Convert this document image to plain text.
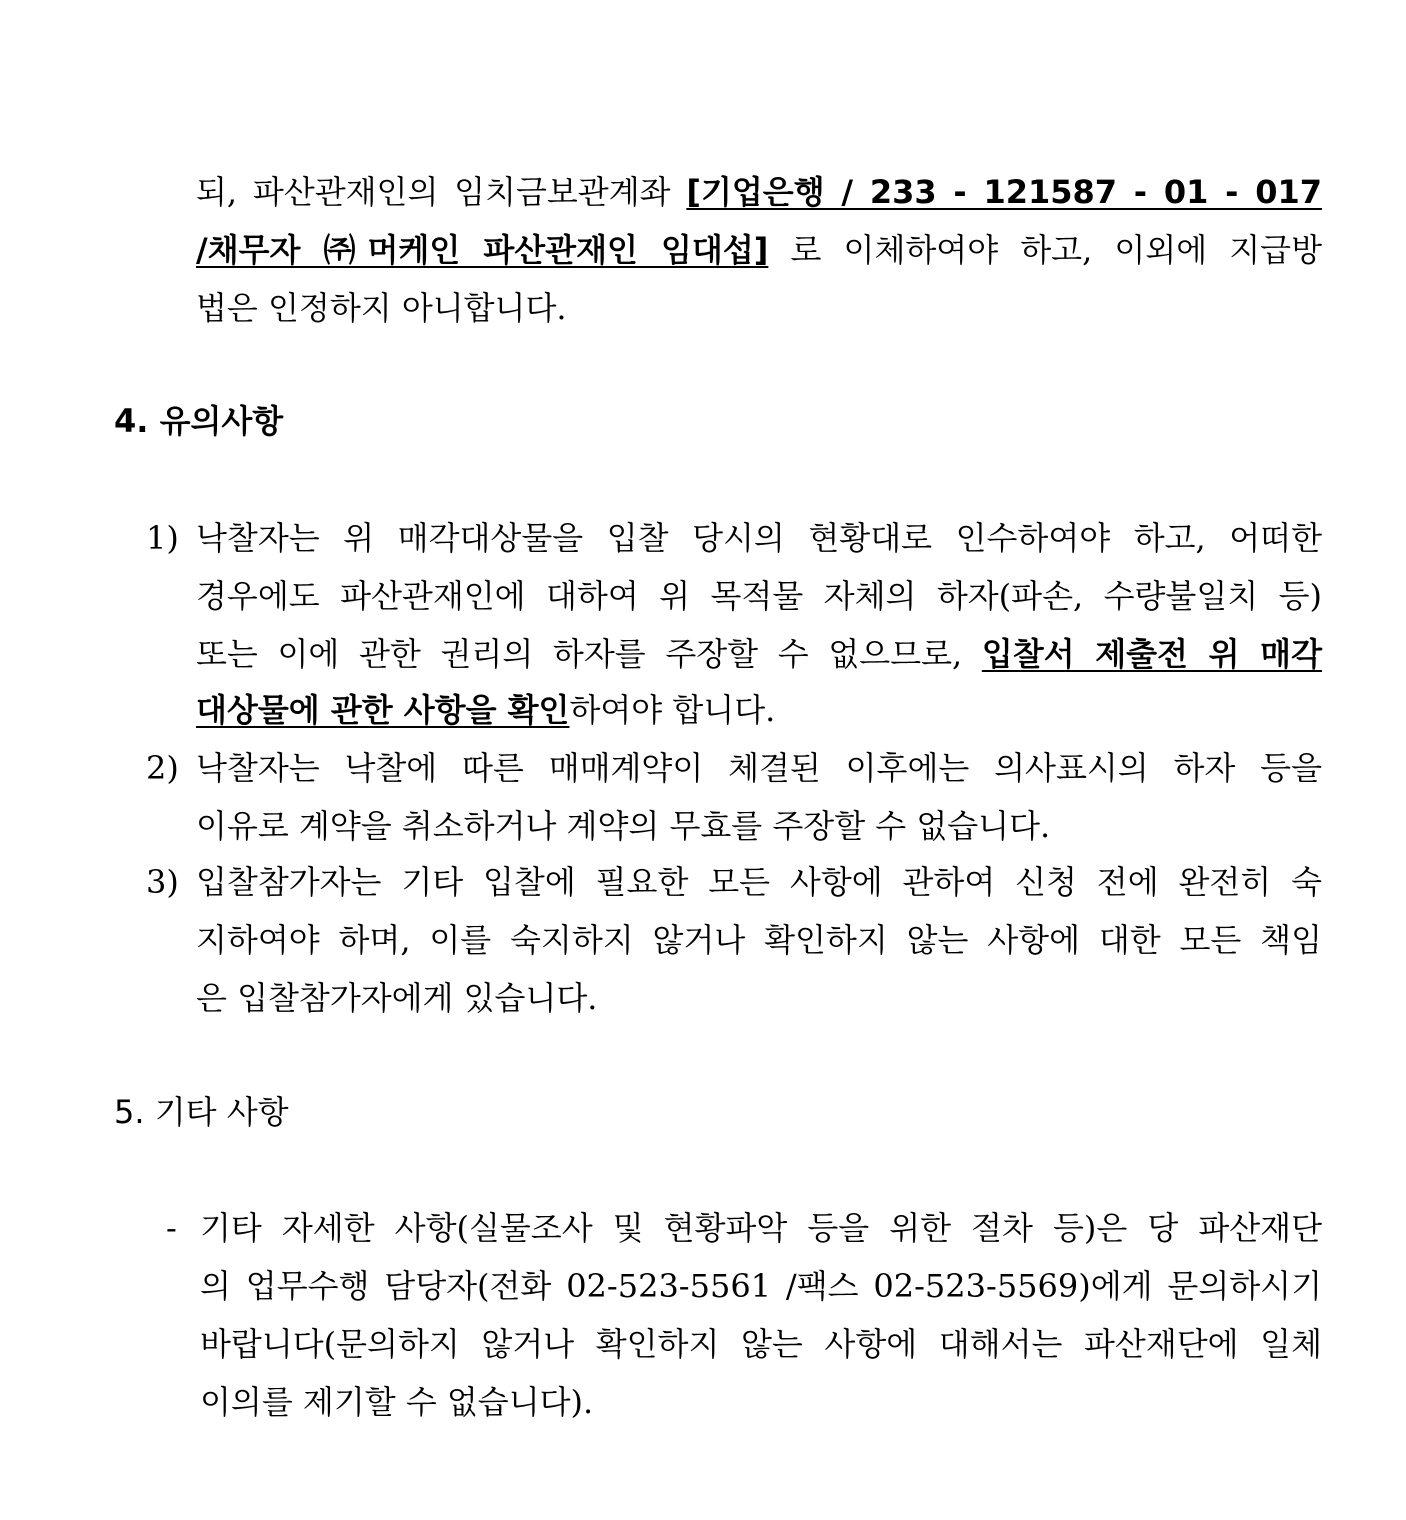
되, 파산관재인의 임치금보관계좌 [기업은행 / 233 - 121587 - 01 - 017
/채무자 ㈜머케인 파산관재인 임대섭] 로 이체하여야 하고, 이외에 지급방
법은 인정하지 아니합니다.
4. 유의사항
1) 낙찰자는 위 매각대상물을 입찰 당시의 현황대로 인수하여야 하고, 어떠한
경우에도 파산관재인에 대하여 위 목적물 자체의 하자(파손, 수량불일치 등)
또는 이에 관한 권리의 하자를 주장할 수 없으므로, 입찰서 제출전 위 매각
대상물에 관한 사항을 확인하여야 합니다.
2) 낙찰자는 낙찰에 따른 매매계약이 체결된 이후에는 의사표시의 하자 등을
이유로 계약을 취소하거나 계약의 무효를 주장할 수 없습니다.
3) 입찰참가자는 기타 입찰에 필요한 모든 사항에 관하여 신청 전에 완전히 숙
지하여야 하며, 이를 숙지하지 않거나 확인하지 않는 사항에 대한 모든 책임
은 입찰참가자에게 있습니다.
5. 기타 사항
- 기타 자세한 사항(실물조사 및 현황파악 등을 위한 절차 등)은 당 파산재단
의 업무수행 담당자(전화 02-523-5561 /팩스 02-523-5569)에게 문의하시기
바랍니다(문의하지 않거나 확인하지 않는 사항에 대해서는 파산재단에 일체
이의를 제기할 수 없습니다).
